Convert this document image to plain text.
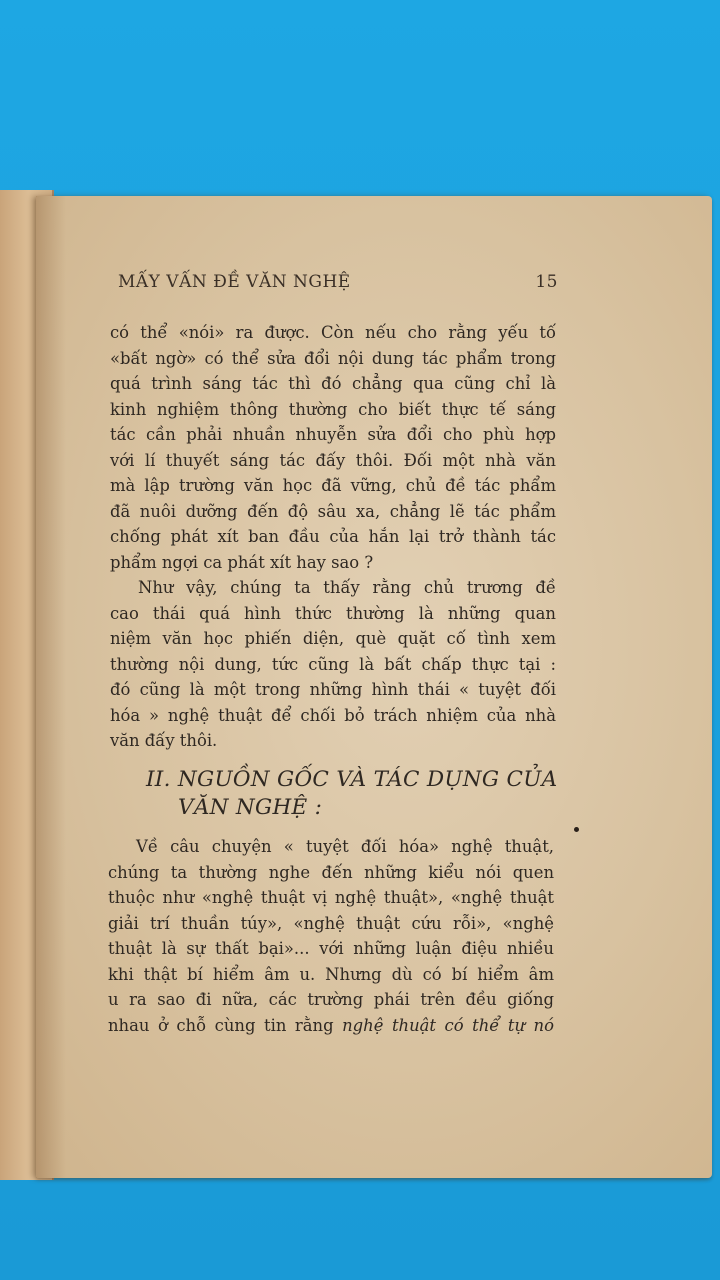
MẤY VẤN ĐỀ VĂN NGHỆ	15
có thể «nói» ra được. Còn nếu cho rằng yếu tố
«bất ngờ» có thể sửa đổi nội dung tác phẩm trong
quá trình sáng tác thì đó chẳng qua cũng chỉ là
kinh nghiệm thông thường cho biết thực tế sáng
tác cần phải nhuần nhuyễn sửa đổi cho phù hợp
với lí thuyết sáng tác đấy thôi. Đối một nhà văn
mà lập trường văn học đã vững, chủ đề tác phẩm
đã nuôi dưỡng đến độ sâu xa, chẳng lẽ tác phẩm
chống phát xít ban đầu của hắn lại trở thành tác
phẩm ngợi ca phát xít hay sao ?
Như vậy, chúng ta thấy rằng chủ trương đề
cao thái quá hình thức thường là những quan
niệm văn học phiến diện, què quặt cố tình xem
thường nội dung, tức cũng là bất chấp thực tại :
đó cũng là một trong những hình thái « tuyệt đối
hóa » nghệ thuật để chối bỏ trách nhiệm của nhà
văn đấy thôi.
II. NGUỒN GỐC VÀ TÁC DỤNG CỦA
VĂN NGHỆ :
Về câu chuyện « tuyệt đối hóa» nghệ thuật,
chúng ta thường nghe đến những kiểu nói quen
thuộc như «nghệ thuật vị nghệ thuật», «nghệ thuật
giải trí thuần túy», «nghệ thuật cứu rỗi», «nghệ
thuật là sự thất bại»... với những luận điệu nhiều
khi thật bí hiểm âm u. Nhưng dù có bí hiểm âm
u ra sao đi nữa, các trường phái trên đều giống
nhau ở chỗ cùng tin rằng nghệ thuật có thể tự nó
